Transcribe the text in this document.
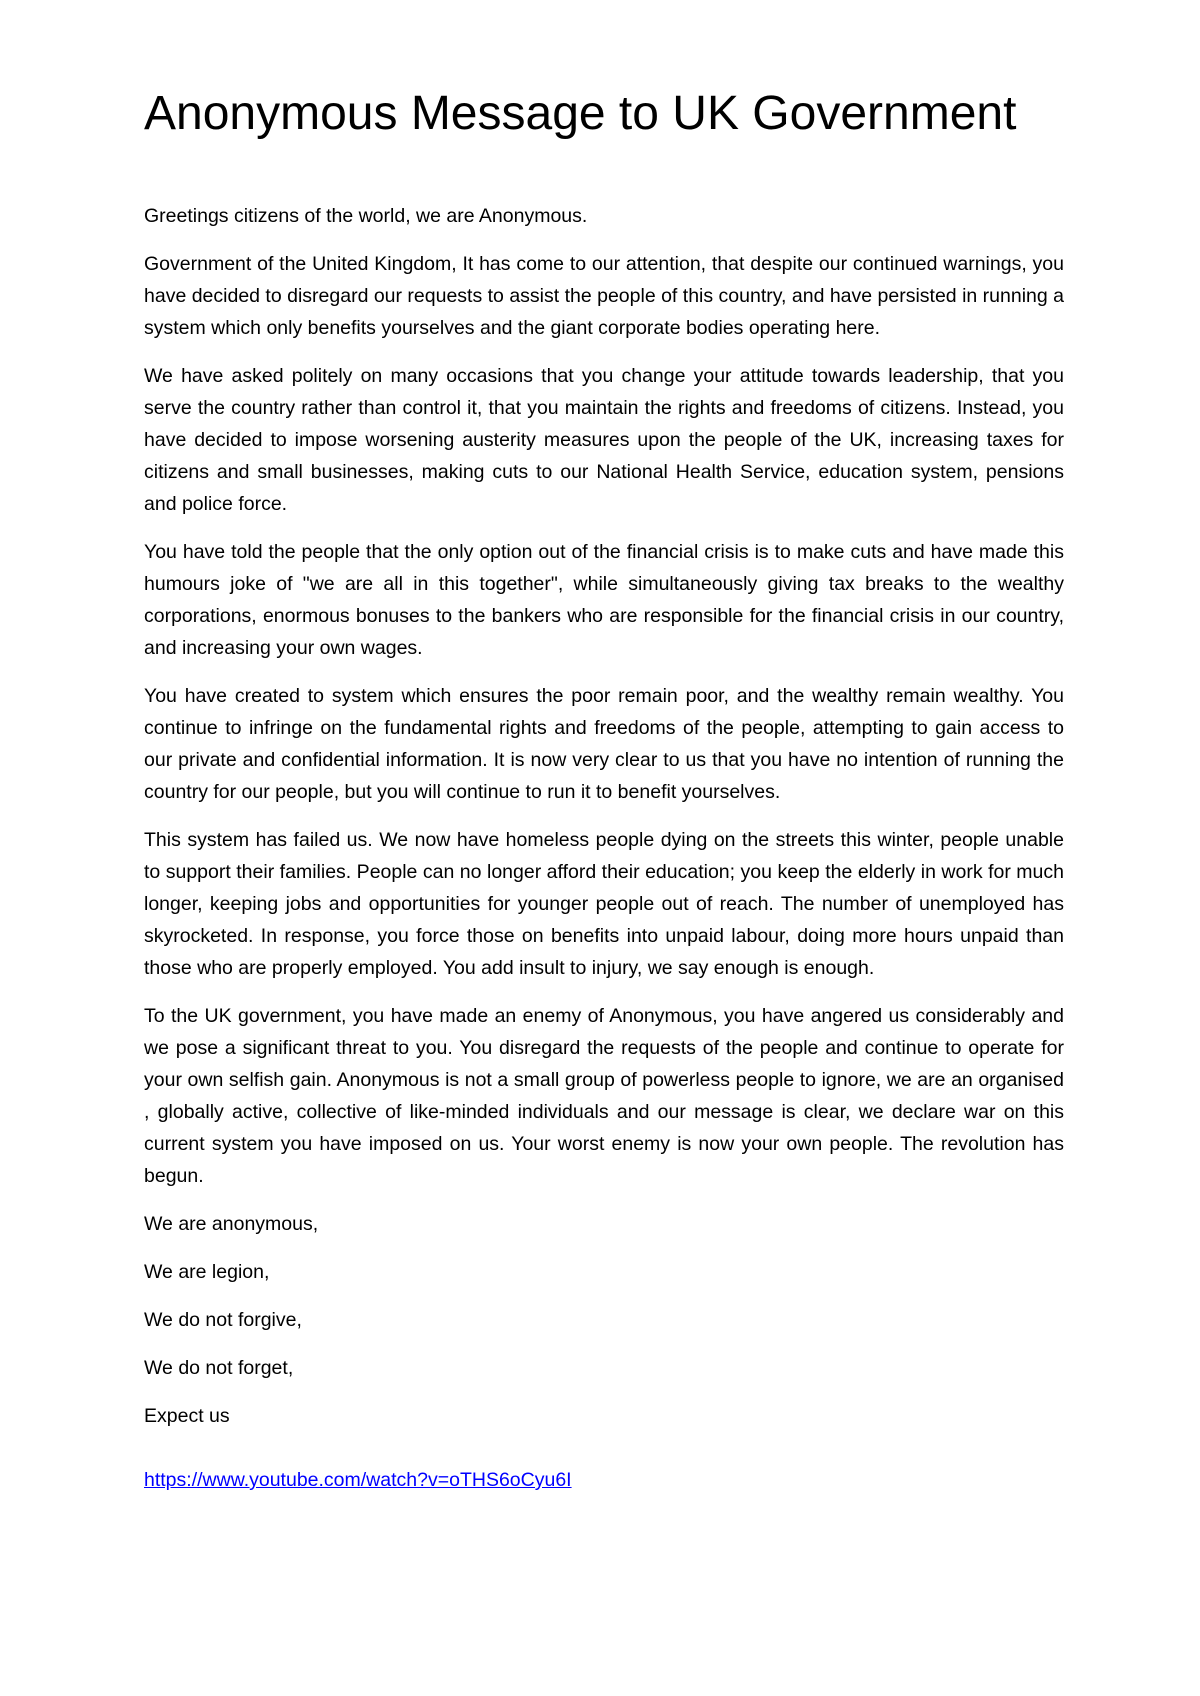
Anonymous Message to UK Government

Greetings citizens of the world, we are Anonymous.

Government of the United Kingdom, It has come to our attention, that despite our continued warnings, you have decided to disregard our requests to assist the people of this country, and have persisted in running a system which only benefits yourselves and the giant corporate bodies operating here.

We have asked politely on many occasions that you change your attitude towards leadership, that you serve the country rather than control it, that you maintain the rights and freedoms of citizens. Instead, you have decided to impose worsening austerity measures upon the people of the UK, increasing taxes for citizens and small businesses, making cuts to our National Health Service, education system, pensions and police force.

You have told the people that the only option out of the financial crisis is to make cuts and have made this humours joke of "we are all in this together", while simultaneously giving tax breaks to the wealthy corporations, enormous bonuses to the bankers who are responsible for the financial crisis in our country, and increasing your own wages.

You have created to system which ensures the poor remain poor, and the wealthy remain wealthy. You continue to infringe on the fundamental rights and freedoms of the people, attempting to gain access to our private and confidential information. It is now very clear to us that you have no intention of running the country for our people, but you will continue to run it to benefit yourselves.

This system has failed us. We now have homeless people dying on the streets this winter, people unable to support their families. People can no longer afford their education; you keep the elderly in work for much longer, keeping jobs and opportunities for younger people out of reach. The number of unemployed has skyrocketed. In response, you force those on benefits into unpaid labour, doing more hours unpaid than those who are properly employed. You add insult to injury, we say enough is enough.

To the UK government, you have made an enemy of Anonymous, you have angered us considerably and we pose a significant threat to you. You disregard the requests of the people and continue to operate for your own selfish gain. Anonymous is not a small group of powerless people to ignore, we are an organised , globally active, collective of like-minded individuals and our message is clear, we declare war on this current system you have imposed on us. Your worst enemy is now your own people. The revolution has begun.

We are anonymous,

We are legion,

We do not forgive,

We do not forget,

Expect us

https://www.youtube.com/watch?v=oTHS6oCyu6I
